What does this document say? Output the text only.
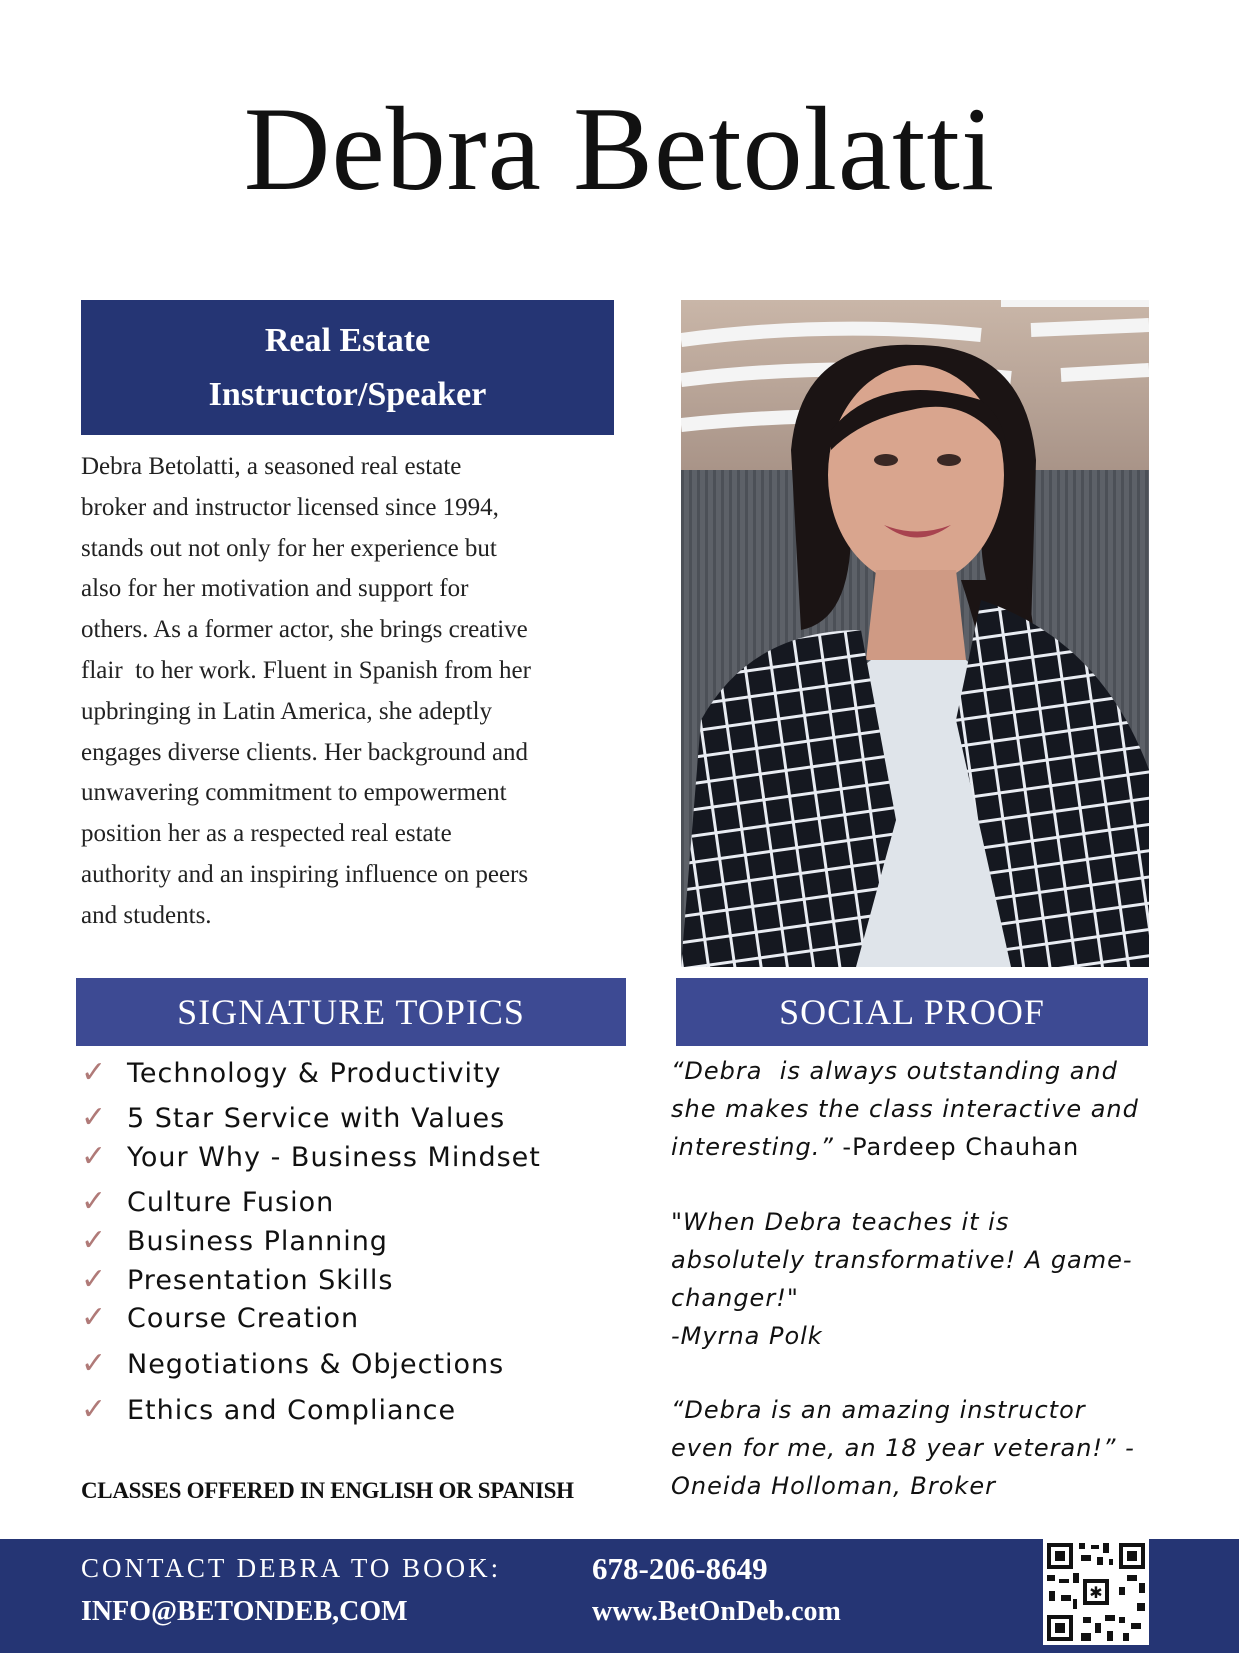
Debra Betolatti
Real Estate
Instructor/Speaker
Debra Betolatti, a seasoned real estate
broker and instructor licensed since 1994,
stands out not only for her experience but
also for her motivation and support for
others. As a former actor, she brings creative
flair  to her work. Fluent in Spanish from her
upbringing in Latin America, she adeptly
engages diverse clients. Her background and
unwavering commitment to empowerment
position her as a respected real estate
authority and an inspiring influence on peers
and students.
SIGNATURE TOPICS	SOCIAL PROOF
✓ Technology & Productivity
✓ 5 Star Service with Values
✓ Your Why - Business Mindset
✓ Culture Fusion
✓ Business Planning
✓ Presentation Skills
✓ Course Creation
✓ Negotiations & Objections
✓ Ethics and Compliance
CLASSES OFFERED IN ENGLISH OR SPANISH
“Debra  is always outstanding and
she makes the class interactive and
interesting.” -Pardeep Chauhan
"When Debra teaches it is
absolutely transformative! A game-
changer!"
-Myrna Polk
“Debra is an amazing instructor
even for me, an 18 year veteran!” -
Oneida Holloman, Broker
CONTACT DEBRA TO BOOK:
INFO@BETONDEB,COM
678-206-8649
www.BetOnDeb.com
✱
